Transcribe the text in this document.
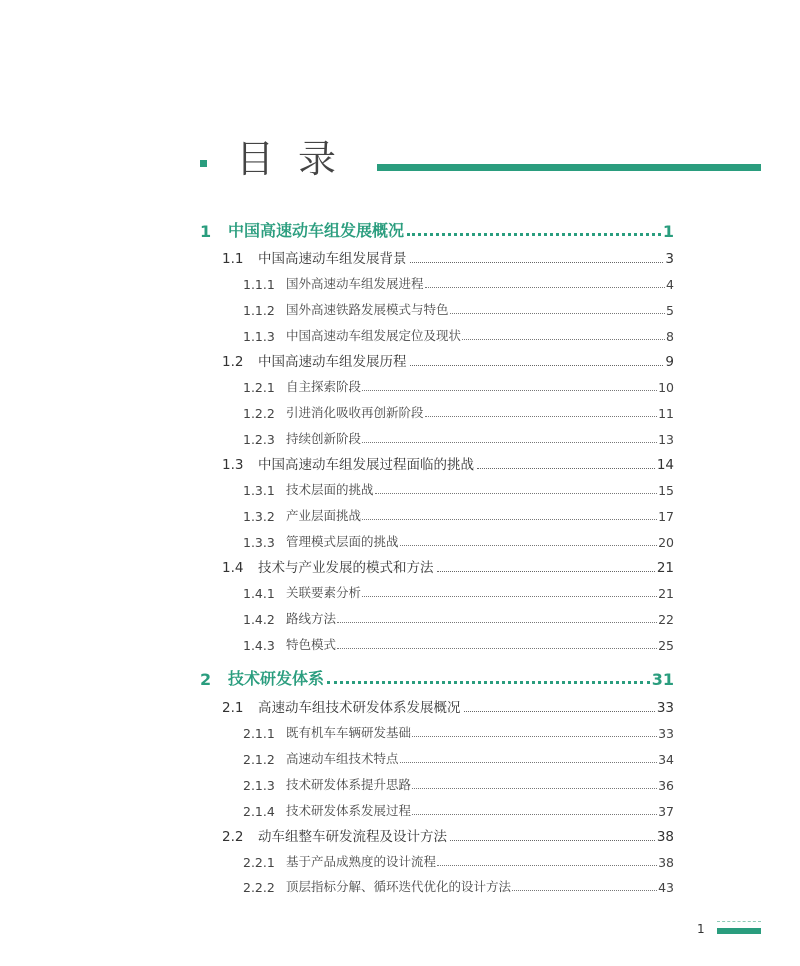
目 录
1	中国高速动车组发展概况	1
1.1	中国高速动车组发展背景	3
1.1.1 国外高速动车组发展进程	4
1.1.2 国外高速铁路发展模式与特色	5
1.1.3 中国高速动车组发展定位及现状	8
1.2	中国高速动车组发展历程	9
1.2.1 自主探索阶段	10
1.2.2 引进消化吸收再创新阶段	11
1.2.3 持续创新阶段	13
1.3	中国高速动车组发展过程面临的挑战	14
1.3.1 技术层面的挑战	15
1.3.2 产业层面挑战	17
1.3.3 管理模式层面的挑战	20
1.4	技术与产业发展的模式和方法	21
1.4.1 关联要素分析	21
1.4.2 路线方法	22
1.4.3 特色模式	25
2	技术研发体系	31
2.1	高速动车组技术研发体系发展概况	33
2.1.1 既有机车车辆研发基础	33
2.1.2 高速动车组技术特点	34
2.1.3 技术研发体系提升思路	36
2.1.4 技术研发体系发展过程	37
2.2	动车组整车研发流程及设计方法	38
2.2.1 基于产品成熟度的设计流程	38
2.2.2 顶层指标分解、循环迭代优化的设计方法	43
1
